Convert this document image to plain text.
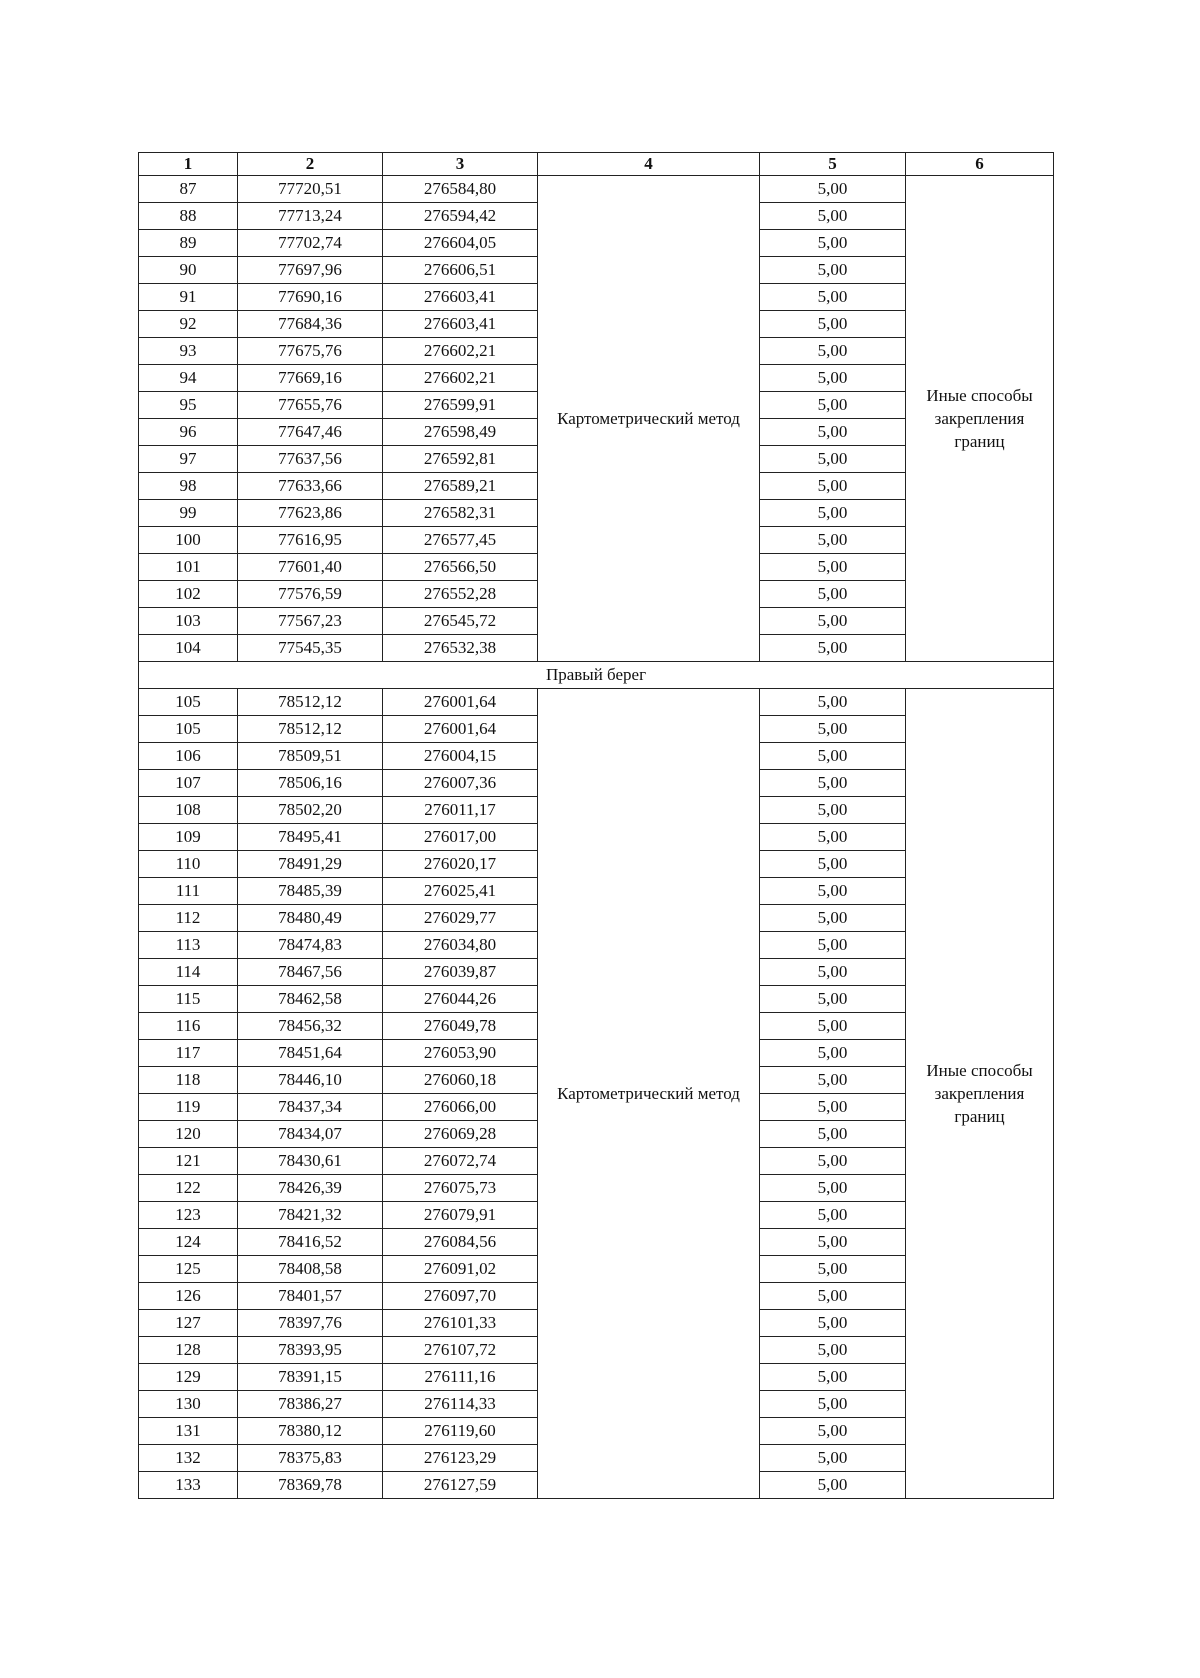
1	2	3	4	5	6
87	77720,51	276584,80	Картометрический метод	5,00	Иные способы закрепления границ
88	77713,24	276594,42		5,00	
89	77702,74	276604,05		5,00	
90	77697,96	276606,51		5,00	
91	77690,16	276603,41		5,00	
92	77684,36	276603,41		5,00	
93	77675,76	276602,21		5,00	
94	77669,16	276602,21		5,00	
95	77655,76	276599,91		5,00	
96	77647,46	276598,49		5,00	
97	77637,56	276592,81		5,00	
98	77633,66	276589,21		5,00	
99	77623,86	276582,31		5,00	
100	77616,95	276577,45		5,00	
101	77601,40	276566,50		5,00	
102	77576,59	276552,28		5,00	
103	77567,23	276545,72		5,00	
104	77545,35	276532,38		5,00	
Правый берег					
105	78512,12	276001,64	Картометрический метод	5,00	Иные способы закрепления границ
105	78512,12	276001,64		5,00	
106	78509,51	276004,15		5,00	
107	78506,16	276007,36		5,00	
108	78502,20	276011,17		5,00	
109	78495,41	276017,00		5,00	
110	78491,29	276020,17		5,00	
111	78485,39	276025,41		5,00	
112	78480,49	276029,77		5,00	
113	78474,83	276034,80		5,00	
114	78467,56	276039,87		5,00	
115	78462,58	276044,26		5,00	
116	78456,32	276049,78		5,00	
117	78451,64	276053,90		5,00	
118	78446,10	276060,18		5,00	
119	78437,34	276066,00		5,00	
120	78434,07	276069,28		5,00	
121	78430,61	276072,74		5,00	
122	78426,39	276075,73		5,00	
123	78421,32	276079,91		5,00	
124	78416,52	276084,56		5,00	
125	78408,58	276091,02		5,00	
126	78401,57	276097,70		5,00	
127	78397,76	276101,33		5,00	
128	78393,95	276107,72		5,00	
129	78391,15	276111,16		5,00	
130	78386,27	276114,33		5,00	
131	78380,12	276119,60		5,00	
132	78375,83	276123,29		5,00	
133	78369,78	276127,59		5,00	
